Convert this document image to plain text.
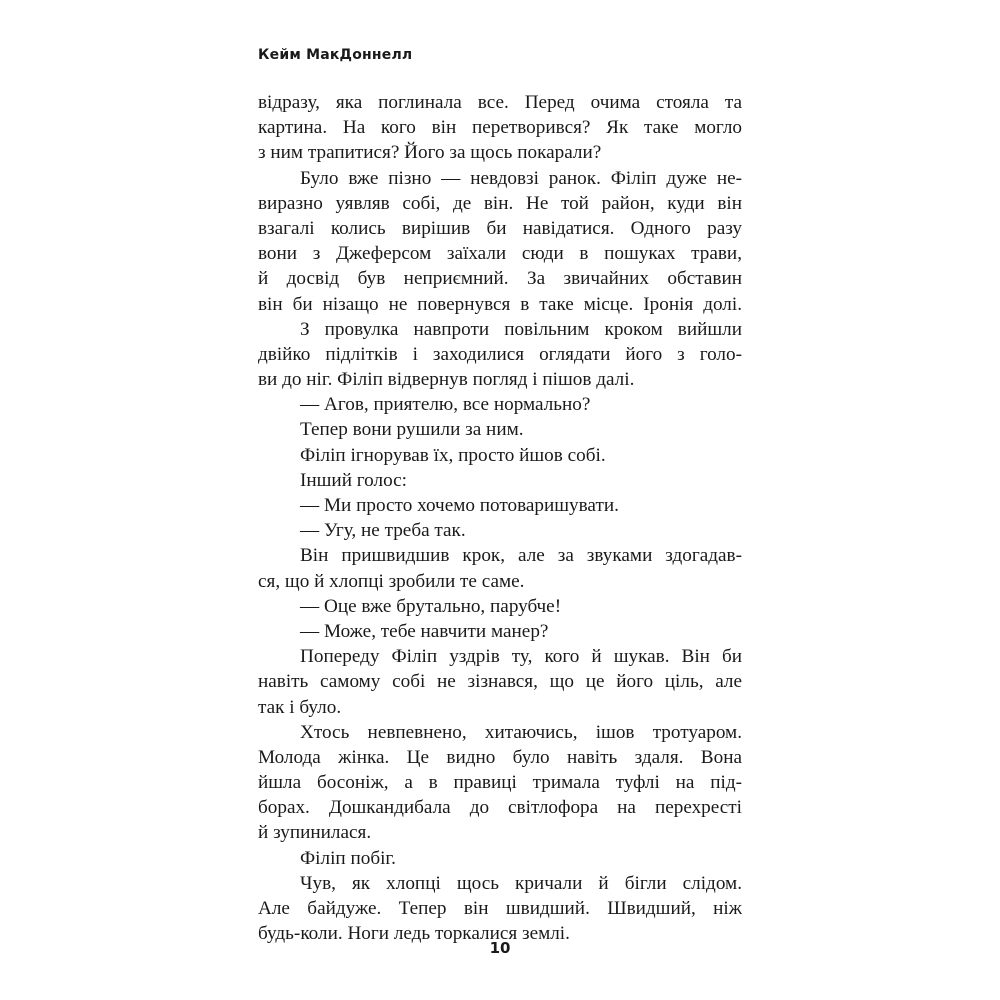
Кейм МакДоннелл
відразу, яка поглинала все. Перед очима стояла та
картина. На кого він перетворився? Як таке могло
з ним трапитися? Його за щось покарали?
Було вже пізно — невдовзі ранок. Філіп дуже не-
виразно уявляв собі, де він. Не той район, куди він
взагалі колись вирішив би навідатися. Одного разу
вони з Джеферсом заїхали сюди в пошуках трави,
й досвід був неприємний. За звичайних обставин
він би нізащо не повернувся в таке місце. Іронія долі.
З провулка навпроти повільним кроком вийшли
двійко підлітків і заходилися оглядати його з голо-
ви до ніг. Філіп відвернув погляд і пішов далі.
— Агов, приятелю, все нормально?
Тепер вони рушили за ним.
Філіп ігнорував їх, просто йшов собі.
Інший голос:
— Ми просто хочемо потоваришувати.
— Угу, не треба так.
Він пришвидшив крок, але за звуками здогадав-
ся, що й хлопці зробили те саме.
— Оце вже брутально, парубче!
— Може, тебе навчити манер?
Попереду Філіп уздрів ту, кого й шукав. Він би
навіть самому собі не зізнався, що це його ціль, але
так і було.
Хтось невпевнено, хитаючись, ішов тротуаром.
Молода жінка. Це видно було навіть здаля. Вона
йшла босоніж, а в правиці тримала туфлі на під-
борах. Дошкандибала до світлофора на перехресті
й зупинилася.
Філіп побіг.
Чув, як хлопці щось кричали й бігли слідом.
Але байдуже. Тепер він швидший. Швидший, ніж
будь-коли. Ноги ледь торкалися землі.
10
